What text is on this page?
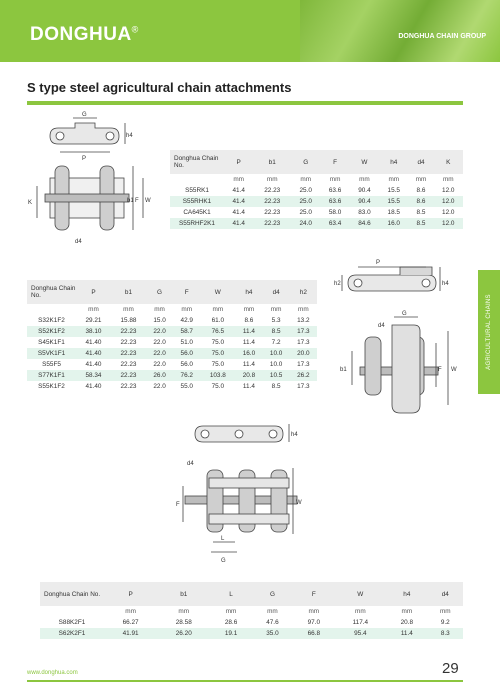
DONGHUA®
DONGHUA CHAIN GROUP
S type steel agricultural chain attachments
AGRICULTURAL CHAINS
G
P
h4
b1 F W
K
d4
Donghua Chain No.	P	b1	G	F	W	h4	d4	K
	mm	mm	mm	mm	mm	mm	mm	mm
S55RK1	41.4	22.23	25.0	63.6	90.4	15.5	8.6	12.0
S55RHK1	41.4	22.23	25.0	63.6	90.4	15.5	8.6	12.0
CA645K1	41.4	22.23	25.0	58.0	83.0	18.5	8.5	12.0
S55RHF2K1	41.4	22.23	24.0	63.4	84.6	16.0	8.5	12.0
Donghua Chain No.	P	b1	G	F	W	h4	d4	h2
	mm	mm	mm	mm	mm	mm	mm	mm
S32K1F2	29.21	15.88	15.0	42.9	61.0	8.6	5.3	13.2
S52K1F2	38.10	22.23	22.0	58.7	76.5	11.4	8.5	17.3
S45K1F1	41.40	22.23	22.0	51.0	75.0	11.4	7.2	17.3
S5VK1F1	41.40	22.23	22.0	56.0	75.0	16.0	10.0	20.0
S55F5	41.40	22.23	22.0	56.0	75.0	11.4	10.0	17.3
S77K1F1	58.34	22.23	26.0	76.2	103.8	20.8	10.5	26.2
S55K1F2	41.40	22.23	22.0	55.0	75.0	11.4	8.5	17.3
P
h2	h4
d4
G
b1	F W
h4
d4
W
F
L
G
Donghua Chain No.	P	b1	L	G	F	W	h4	d4
	mm	mm	mm	mm	mm	mm	mm	mm
S88K2F1	66.27	28.58	28.6	47.6	97.0	117.4	20.8	9.2
S62K2F1	41.91	26.20	19.1	35.0	66.8	95.4	11.4	8.3
www.donghua.com	29
